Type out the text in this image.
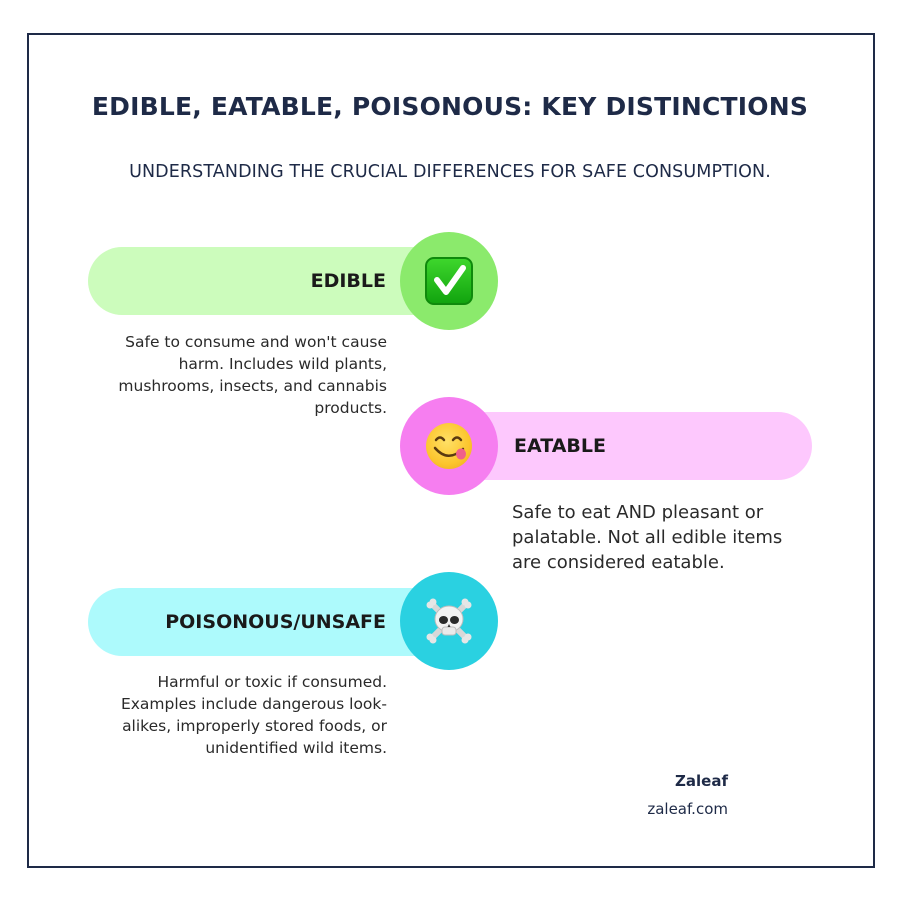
EDIBLE, EATABLE, POISONOUS: KEY DISTINCTIONS
UNDERSTANDING THE CRUCIAL DIFFERENCES FOR SAFE CONSUMPTION.
EDIBLE
Safe to consume and won't cause harm. Includes wild plants, mushrooms, insects, and cannabis products.
EATABLE
Safe to eat AND pleasant or palatable. Not all edible items are considered eatable.
POISONOUS/UNSAFE
Harmful or toxic if consumed. Examples include dangerous look-alikes, improperly stored foods, or unidentified wild items.
Zaleaf
zaleaf.com
